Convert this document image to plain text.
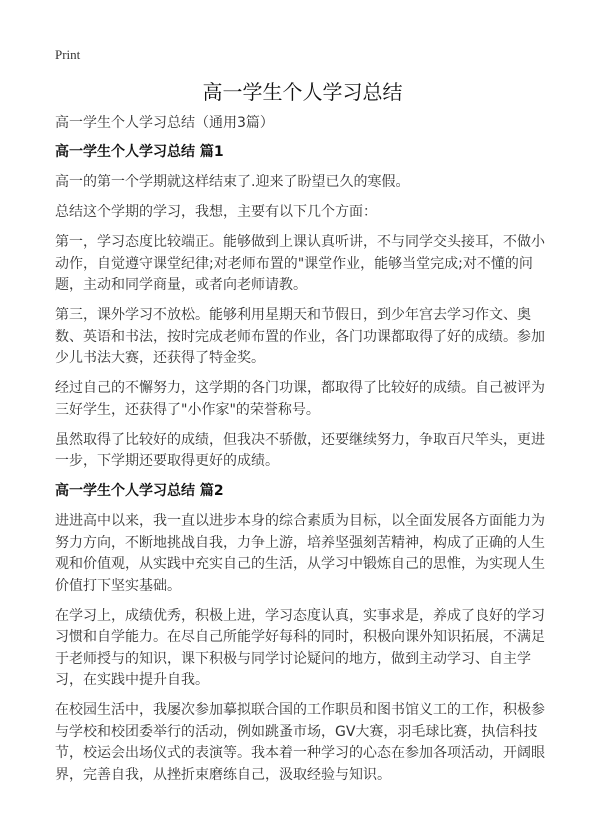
Print
高一学生个人学习总结
高一学生个人学习总结（通用3篇）
高一学生个人学习总结 篇1

高一的第一个学期就这样结束了.迎来了盼望已久的寒假。

总结这个学期的学习，我想，主要有以下几个方面：

第一，学习态度比较端正。能够做到上课认真听讲，不与同学交头接耳，不做小动作，自觉遵守课堂纪律;对老师布置的"课堂作业，能够当堂完成;对不懂的问题，主动和同学商量，或者向老师请教。

第三，课外学习不放松。能够利用星期天和节假日，到少年宫去学习作文、奥数、英语和书法，按时完成老师布置的作业，各门功课都取得了好的成绩。参加少儿书法大赛，还获得了特金奖。

经过自己的不懈努力，这学期的各门功课，都取得了比较好的成绩。自己被评为三好学生，还获得了"小作家"的荣誉称号。

虽然取得了比较好的成绩，但我决不骄傲，还要继续努力，争取百尺竿头，更进一步，下学期还要取得更好的成绩。

高一学生个人学习总结 篇2

进进高中以来，我一直以进步本身的综合素质为目标，以全面发展各方面能力为努力方向，不断地挑战自我，力争上游，培养坚强刻苦精神，构成了正确的人生观和价值观，从实践中充实自己的生活，从学习中锻炼自己的思惟，为实现人生价值打下坚实基础。

在学习上，成绩优秀，积极上进，学习态度认真，实事求是，养成了良好的学习习惯和自学能力。在尽自己所能学好每科的同时，积极向课外知识拓展，不满足于老师授与的知识，课下积极与同学讨论疑问的地方，做到主动学习、自主学习，在实践中提升自我。

在校园生活中，我屡次参加摹拟联合国的工作职员和图书馆义工的工作，积极参与学校和校团委举行的活动，例如跳蚤市场，GV大赛，羽毛球比赛，执信科技节，校运会出场仪式的表演等。我本着一种学习的心态在参加各项活动，开阔眼界，完善自我，从挫折束磨练自己，汲取经验与知识。
